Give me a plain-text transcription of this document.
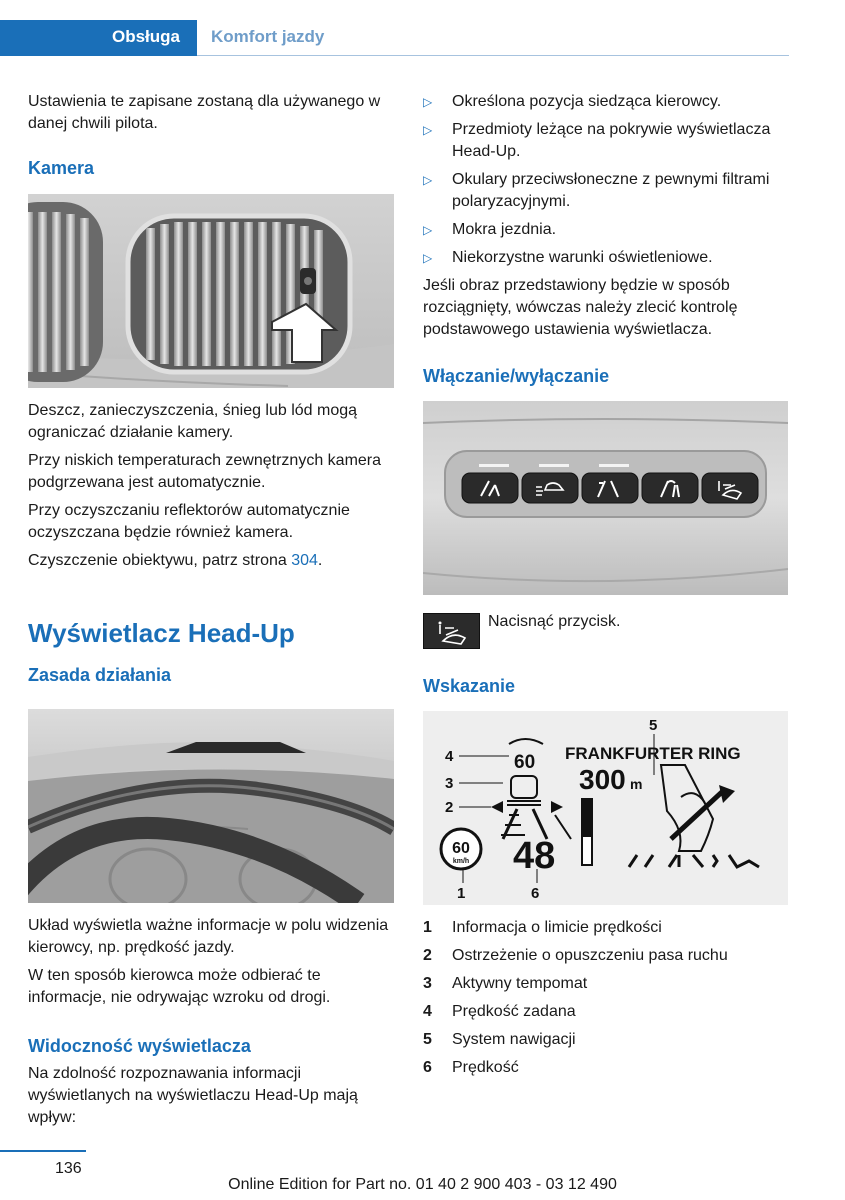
Obsługa Komfort jazdy

Ustawienia te zapisane zostaną dla używanego w danej chwili pilota.

Kamera

Deszcz, zanieczyszczenia, śnieg lub lód mogą ograniczać działanie kamery.

Przy niskich temperaturach zewnętrznych kamera podgrzewana jest automatycznie.

Przy oczyszczaniu reflektorów automatycznie oczyszczana będzie również kamera.

Czyszczenie obiektywu, patrz strona 304.

Wyświetlacz Head-Up
Zasada działania

Układ wyświetla ważne informacje w polu widzenia kierowcy, np. prędkość jazdy.

W ten sposób kierowca może odbierać te informacje, nie odrywając wzroku od drogi.

Widoczność wyświetlacza

Na zdolność rozpoznawania informacji wyświetlanych na wyświetlaczu Head-Up mają wpływ:

▷ Określona pozycja siedząca kierowcy.
▷ Przedmioty leżące na pokrywie wyświetlacza Head-Up.
▷ Okulary przeciwsłoneczne z pewnymi filtrami polaryzacyjnymi.
▷ Mokra jezdnia.
▷ Niekorzystne warunki oświetleniowe.

Jeśli obraz przedstawiony będzie w sposób rozciągnięty, wówczas należy zlecić kontrolę podstawowego ustawienia wyświetlacza.

Włączanie/wyłączanie
Nacisnąć przycisk.
Wskazanie
4
3
2
1
5
6
60
60
km/h 48
FRANKFURTER RING
300 m
1 Informacja o limicie prędkości
2 Ostrzeżenie o opuszczeniu pasa ruchu
3 Aktywny tempomat
4 Prędkość zadana
5 System nawigacji
6 Prędkość
136
Online Edition for Part no. 01 40 2 900 403 - 03 12 490
